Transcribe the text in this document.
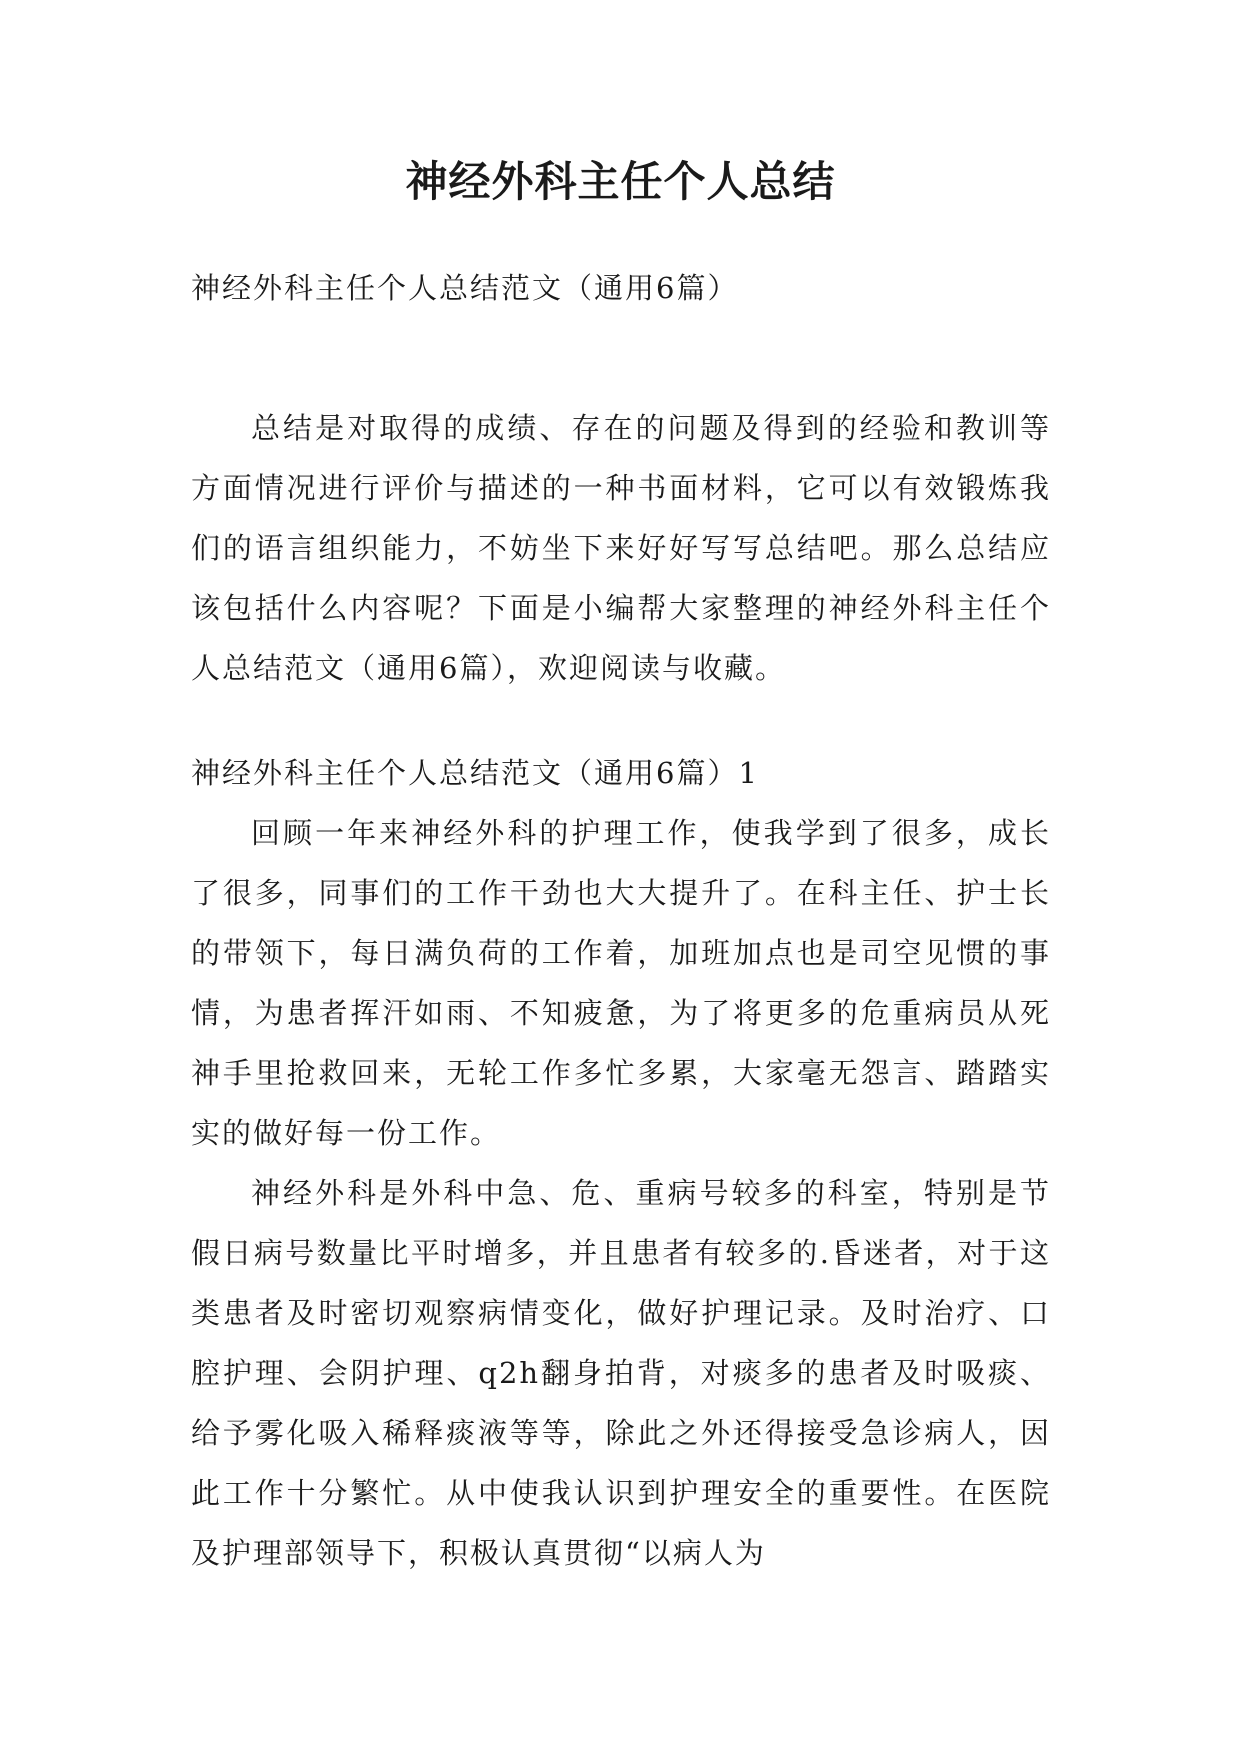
神经外科主任个人总结

神经外科主任个人总结范文（通用6篇）

总结是对取得的成绩、存在的问题及得到的经验和教训等方面情况进行评价与描述的一种书面材料，它可以有效锻炼我们的语言组织能力，不妨坐下来好好写写总结吧。那么总结应该包括什么内容呢？下面是小编帮大家整理的神经外科主任个人总结范文（通用6篇），欢迎阅读与收藏。

神经外科主任个人总结范文（通用6篇）1

回顾一年来神经外科的护理工作，使我学到了很多，成长了很多，同事们的工作干劲也大大提升了。在科主任、护士长的带领下，每日满负荷的工作着，加班加点也是司空见惯的事情，为患者挥汗如雨、不知疲惫，为了将更多的危重病员从死神手里抢救回来，无轮工作多忙多累，大家毫无怨言、踏踏实实的做好每一份工作。

神经外科是外科中急、危、重病号较多的科室，特别是节假日病号数量比平时增多，并且患者有较多的.昏迷者，对于这类患者及时密切观察病情变化，做好护理记录。及时治疗、口腔护理、会阴护理、q2h翻身拍背，对痰多的患者及时吸痰、给予雾化吸入稀释痰液等等，除此之外还得接受急诊病人，因此工作十分繁忙。从中使我认识到护理安全的重要性。在医院及护理部领导下，积极认真贯彻“以病人为
